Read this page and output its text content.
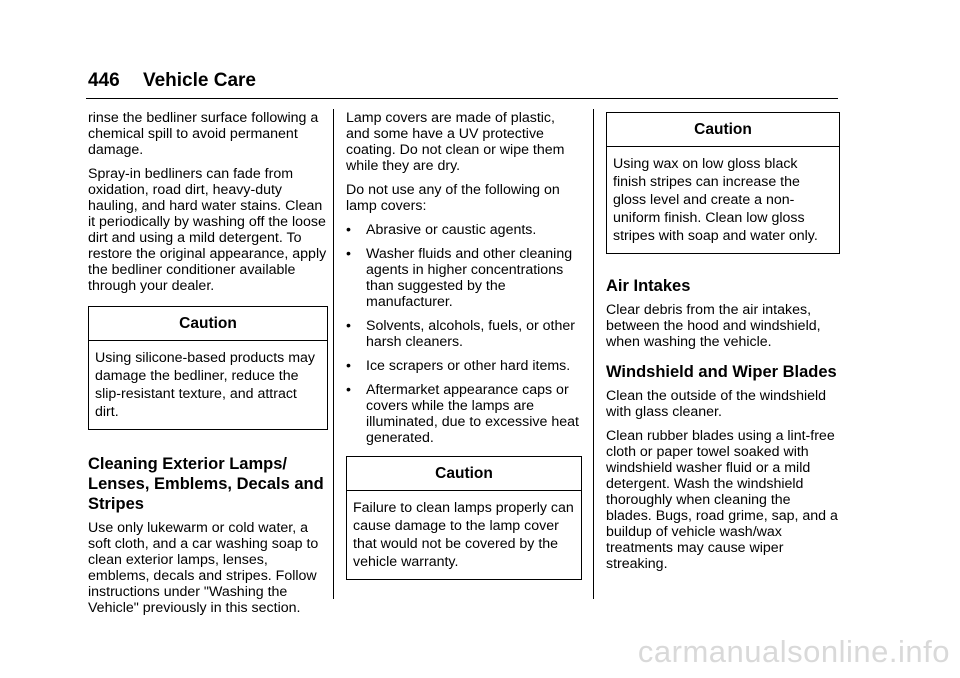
446 Vehicle Care

rinse the bedliner surface following a chemical spill to avoid permanent damage.

Spray-in bedliners can fade from oxidation, road dirt, heavy-duty hauling, and hard water stains. Clean it periodically by washing off the loose dirt and using a mild detergent. To restore the original appearance, apply the bedliner conditioner available through your dealer.

Caution
Using silicone-based products may damage the bedliner, reduce the slip-resistant texture, and attract dirt.
Cleaning Exterior Lamps/ Lenses, Emblems, Decals and Stripes

Use only lukewarm or cold water, a soft cloth, and a car washing soap to clean exterior lamps, lenses, emblems, decals and stripes. Follow instructions under "Washing the Vehicle" previously in this section.

Lamp covers are made of plastic, and some have a UV protective coating. Do not clean or wipe them while they are dry.

Do not use any of the following on lamp covers:

•	Abrasive or caustic agents.
•	Washer fluids and other cleaning agents in higher concentrations than suggested by the manufacturer.
•	Solvents, alcohols, fuels, or other harsh cleaners.
•	Ice scrapers or other hard items.
•	Aftermarket appearance caps or covers while the lamps are illuminated, due to excessive heat generated.
Caution
Failure to clean lamps properly can cause damage to the lamp cover that would not be covered by the vehicle warranty.
Caution
Using wax on low gloss black finish stripes can increase the gloss level and create a non-uniform finish. Clean low gloss stripes with soap and water only.
Air Intakes

Clear debris from the air intakes, between the hood and windshield, when washing the vehicle.

Windshield and Wiper Blades

Clean the outside of the windshield with glass cleaner.

Clean rubber blades using a lint-free cloth or paper towel soaked with windshield washer fluid or a mild detergent. Wash the windshield thoroughly when cleaning the blades. Bugs, road grime, sap, and a buildup of vehicle wash/wax treatments may cause wiper streaking.

carmanualsonline.info
